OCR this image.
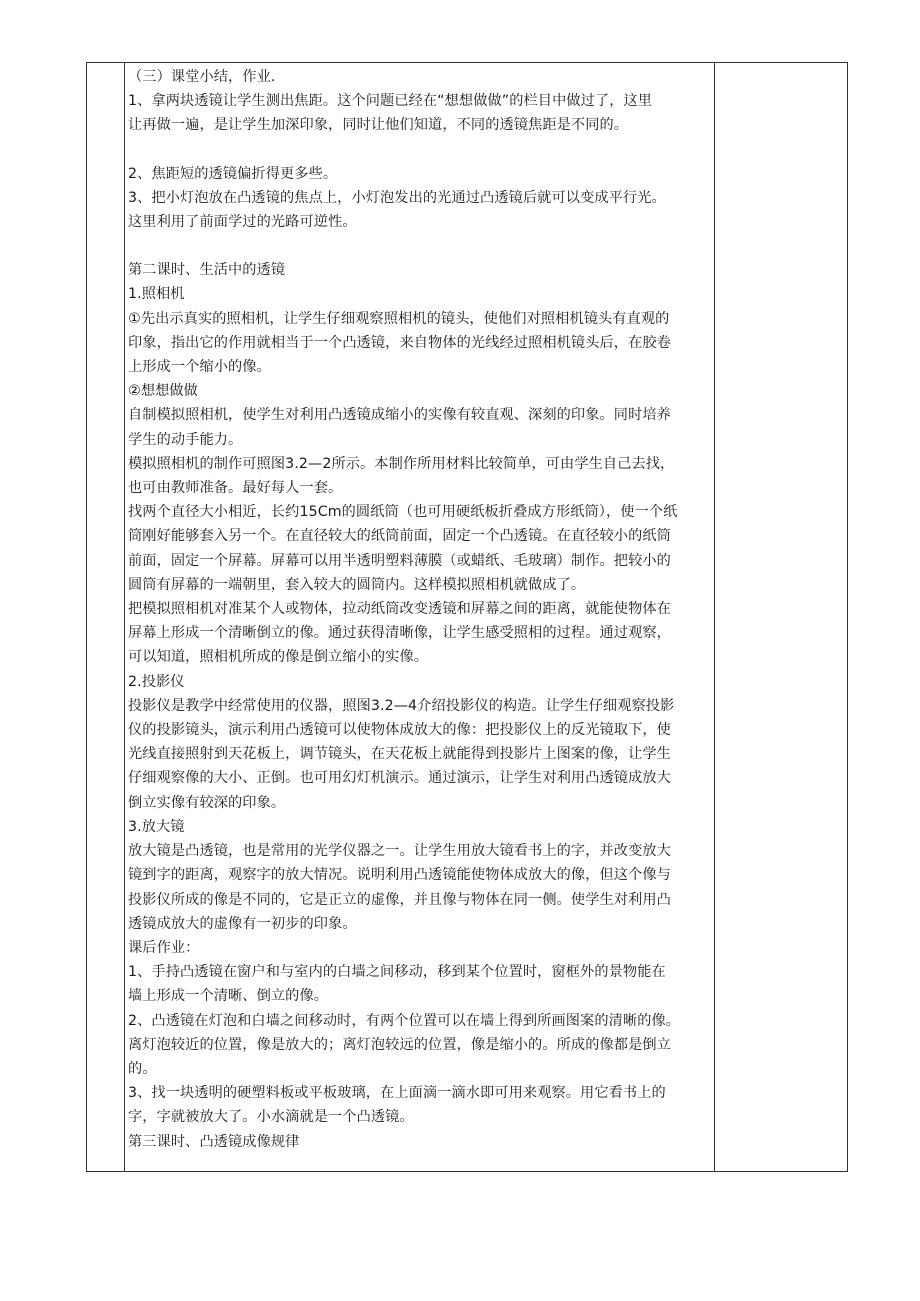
（三）课堂小结，作业.
1、拿两块透镜让学生测出焦距。这个问题已经在“想想做做”的栏目中做过了，这里
让再做一遍，是让学生加深印象，同时让他们知道，不同的透镜焦距是不同的。
2、焦距短的透镜偏折得更多些。
3、把小灯泡放在凸透镜的焦点上，小灯泡发出的光通过凸透镜后就可以变成平行光。
这里利用了前面学过的光路可逆性。
第二课时、生活中的透镜
1.照相机
①先出示真实的照相机，让学生仔细观察照相机的镜头，使他们对照相机镜头有直观的
印象，指出它的作用就相当于一个凸透镜，来自物体的光线经过照相机镜头后，在胶卷
上形成一个缩小的像。
②想想做做
自制模拟照相机，使学生对利用凸透镜成缩小的实像有较直观、深刻的印象。同时培养
学生的动手能力。
模拟照相机的制作可照图3.2—2所示。本制作所用材料比较简单，可由学生自己去找，
也可由教师准备。最好每人一套。
找两个直径大小相近，长约15Cm的圆纸筒（也可用硬纸板折叠成方形纸筒），使一个纸
筒刚好能够套入另一个。在直径较大的纸筒前面，固定一个凸透镜。在直径较小的纸筒
前面，固定一个屏幕。屏幕可以用半透明塑料薄膜（或蜡纸、毛玻璃）制作。把较小的
圆筒有屏幕的一端朝里，套入较大的圆筒内。这样模拟照相机就做成了。
把模拟照相机对准某个人或物体，拉动纸筒改变透镜和屏幕之间的距离，就能使物体在
屏幕上形成一个清晰倒立的像。通过获得清晰像，让学生感受照相的过程。通过观察，
可以知道，照相机所成的像是倒立缩小的实像。
2.投影仪
投影仪是教学中经常使用的仪器，照图3.2—4介绍投影仪的构造。让学生仔细观察投影
仪的投影镜头，演示利用凸透镜可以使物体成放大的像：把投影仪上的反光镜取下，使
光线直接照射到天花板上，调节镜头，在天花板上就能得到投影片上图案的像，让学生
仔细观察像的大小、正倒。也可用幻灯机演示。通过演示，让学生对利用凸透镜成放大
倒立实像有较深的印象。
3.放大镜
放大镜是凸透镜，也是常用的光学仪器之一。让学生用放大镜看书上的字，并改变放大
镜到字的距离，观察字的放大情况。说明利用凸透镜能使物体成放大的像，但这个像与
投影仪所成的像是不同的，它是正立的虚像，并且像与物体在同一侧。使学生对利用凸
透镜成放大的虚像有一初步的印象。
课后作业：
1、手持凸透镜在窗户和与室内的白墙之间移动，移到某个位置时，窗框外的景物能在
墙上形成一个清晰、倒立的像。
2、凸透镜在灯泡和白墙之间移动时，有两个位置可以在墙上得到所画图案的清晰的像。
离灯泡较近的位置，像是放大的；离灯泡较远的位置，像是缩小的。所成的像都是倒立
的。
3、找一块透明的硬塑料板或平板玻璃，在上面滴一滴水即可用来观察。用它看书上的
字，字就被放大了。小水滴就是一个凸透镜。
第三课时、凸透镜成像规律
